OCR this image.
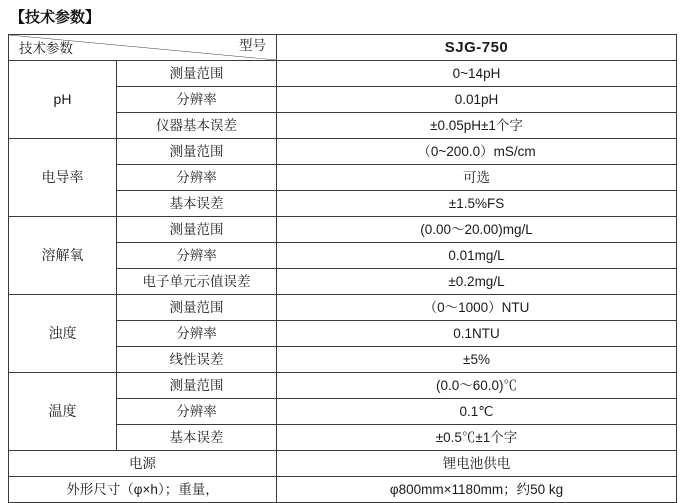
【技术参数】
型号
技术参数		SJG-750
pH	测量范围	0~14pH
	分辨率	0.01pH
	仪器基本误差	±0.05pH±1个字
电导率	测量范围	（0~200.0）mS/cm
	分辨率	可选
	基本误差	±1.5%FS
溶解氧	测量范围	(0.00～20.00)mg/L
	分辨率	0.01mg/L
	电子单元示值误差	±0.2mg/L
浊度	测量范围	（0～1000）NTU
	分辨率	0.1NTU
	线性误差	±5%
温度	测量范围	(0.0～60.0)℃
	分辨率	0.1℃
	基本误差	±0.5℃±1个字
电源		锂电池供电
外形尺寸（φ×h）；重量，		φ800mm×1180mm；约50 kg
